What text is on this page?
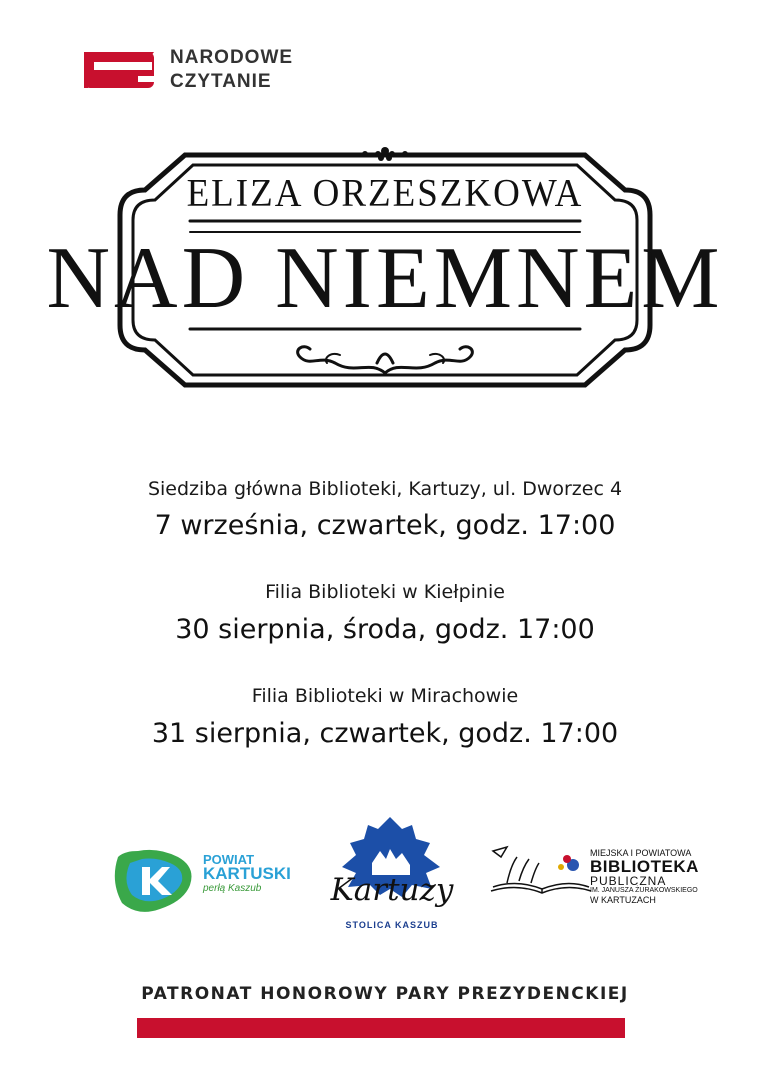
NARODOWE
CZYTANIE
ELIZA ORZESZKOWA
NAD NIEMNEM
Siedziba główna Biblioteki, Kartuzy, ul. Dworzec 4
7 września, czwartek, godz. 17:00
Filia Biblioteki w Kiełpinie
30 sierpnia, środa, godz. 17:00
Filia Biblioteki w Mirachowie
31 sierpnia, czwartek, godz. 17:00
POWIAT
KARTUSKI
perłą Kaszub Kartuzy
STOLICA KASZUB
MIEJSKA I POWIATOWA
BIBLIOTEKA
PUBLICZNA
IM. JANUSZA ŻURAKOWSKIEGO
W KARTUZACH
PATRONAT HONOROWY PARY PREZYDENCKIEJ
